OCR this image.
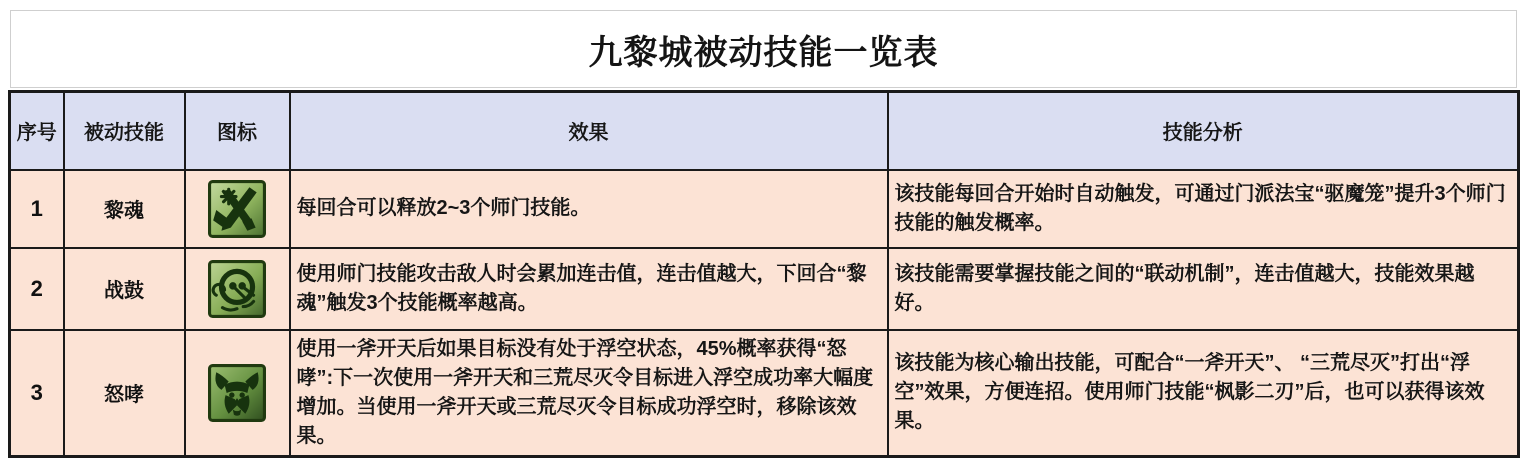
九黎城被动技能一览表
序号	被动技能	图标	效果	技能分析
1	黎魂		每回合可以释放2~3个师门技能。	该技能每回合开始时自动触发，可通过门派法宝“驱魔笼”提升3个师门技能的触发概率。
2	战鼓		使用师门技能攻击敌人时会累加连击值，连击值越大，下回合“黎魂”触发3个技能概率越高。	该技能需要掌握技能之间的“联动机制”，连击值越大，技能效果越好。
3	怒哮		使用一斧开天后如果目标没有处于浮空状态，45%概率获得“怒哮”:下一次使用一斧开天和三荒尽灭令目标进入浮空成功率大幅度增加。当使用一斧开天或三荒尽灭令目标成功浮空时，移除该效果。	该技能为核心输出技能，可配合“一斧开天”、 “三荒尽灭”打出“浮空”效果，方便连招。使用师门技能“枫影二刃”后，也可以获得该效果。
